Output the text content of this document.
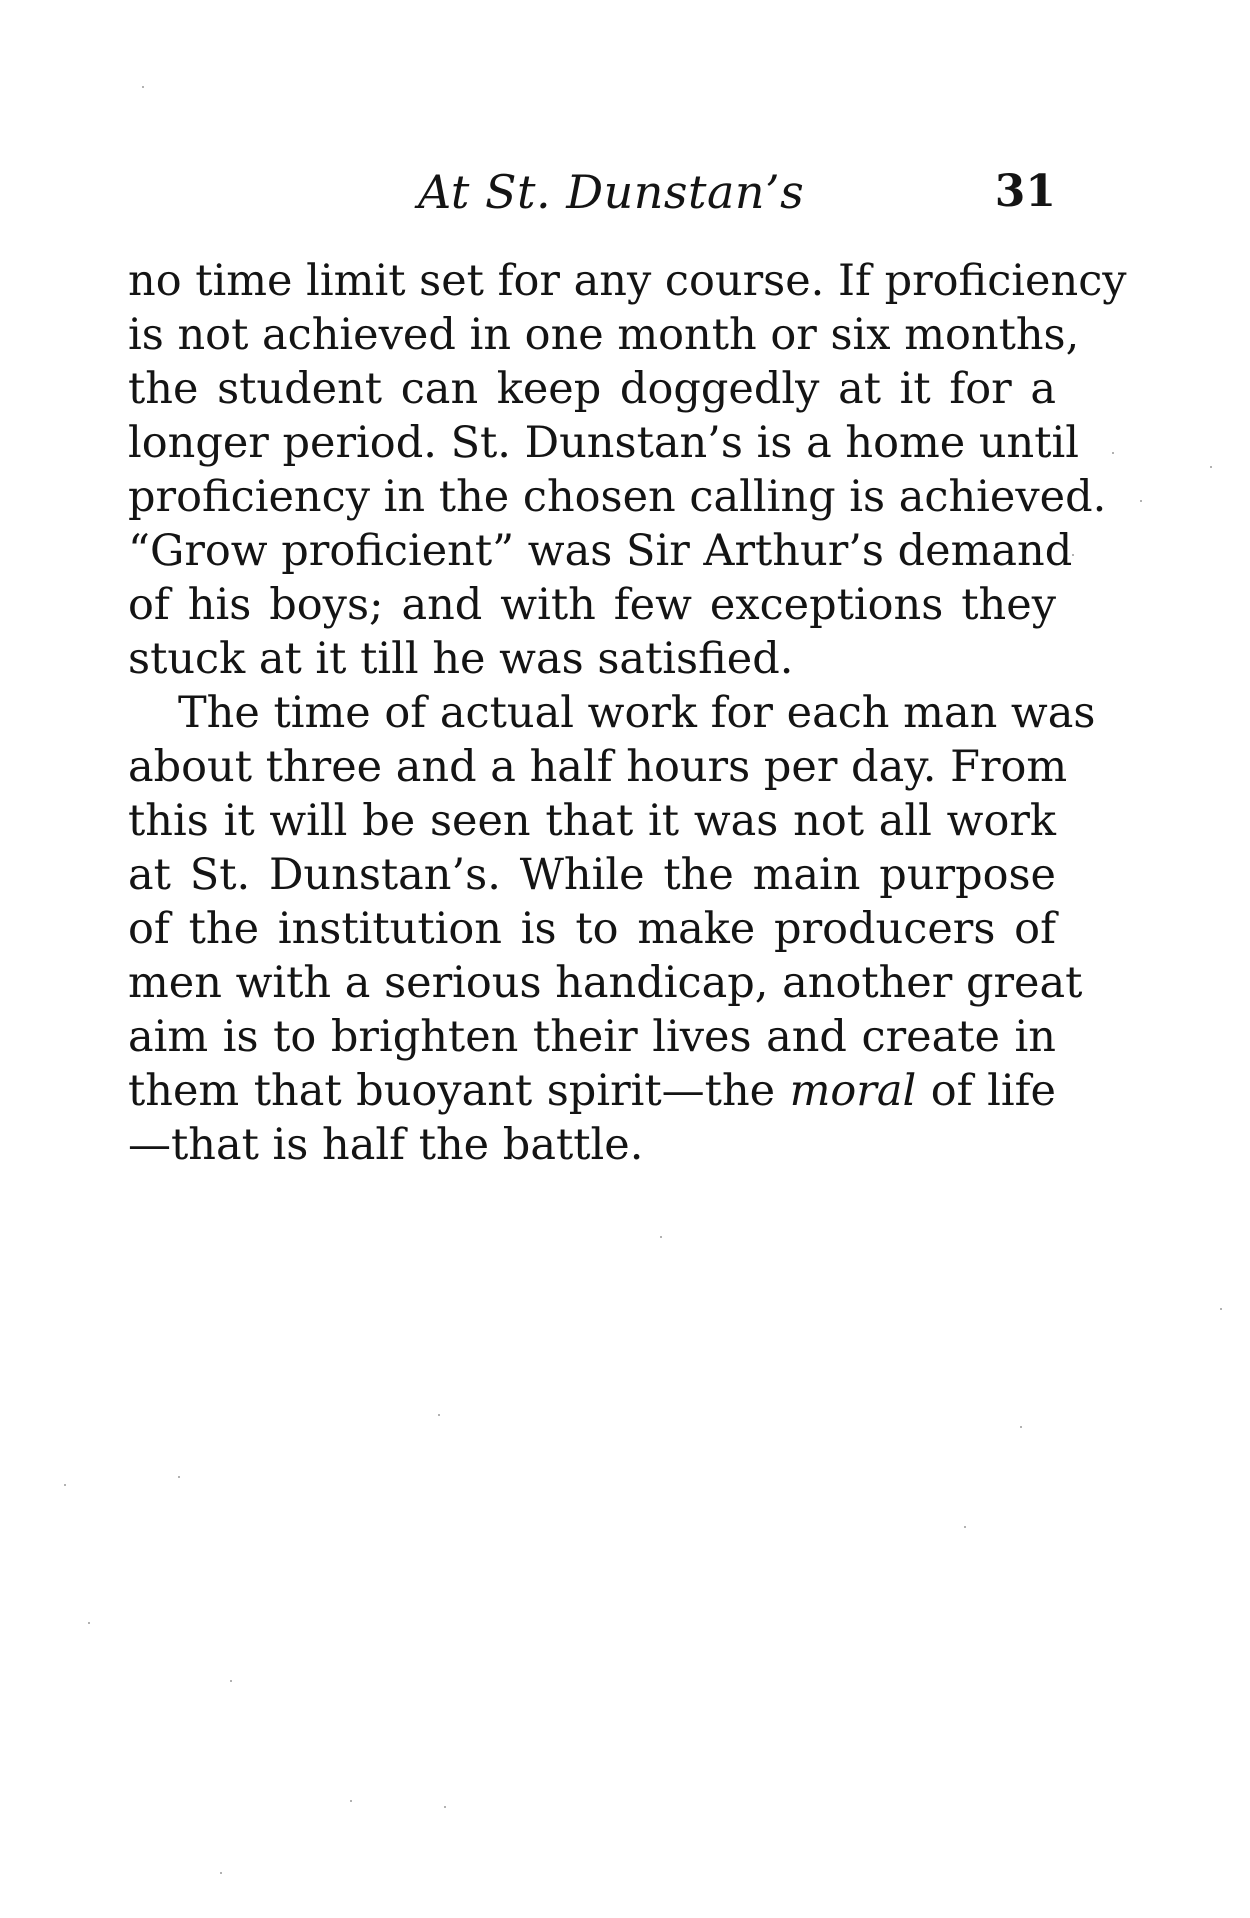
At St. Dunstan’s	31
no time limit set for any course. If proficiency
is not achieved in one month or six months,
the student can keep doggedly at it for a
longer period. St. Dunstan’s is a home until
proficiency in the chosen calling is achieved.
“Grow proficient” was Sir Arthur’s demand
of his boys; and with few exceptions they
stuck at it till he was satisfied.
The time of actual work for each man was
about three and a half hours per day. From
this it will be seen that it was not all work
at St. Dunstan’s. While the main purpose
of the institution is to make producers of
men with a serious handicap, another great
aim is to brighten their lives and create in
them that buoyant spirit—the moral of life
—that is half the battle.
